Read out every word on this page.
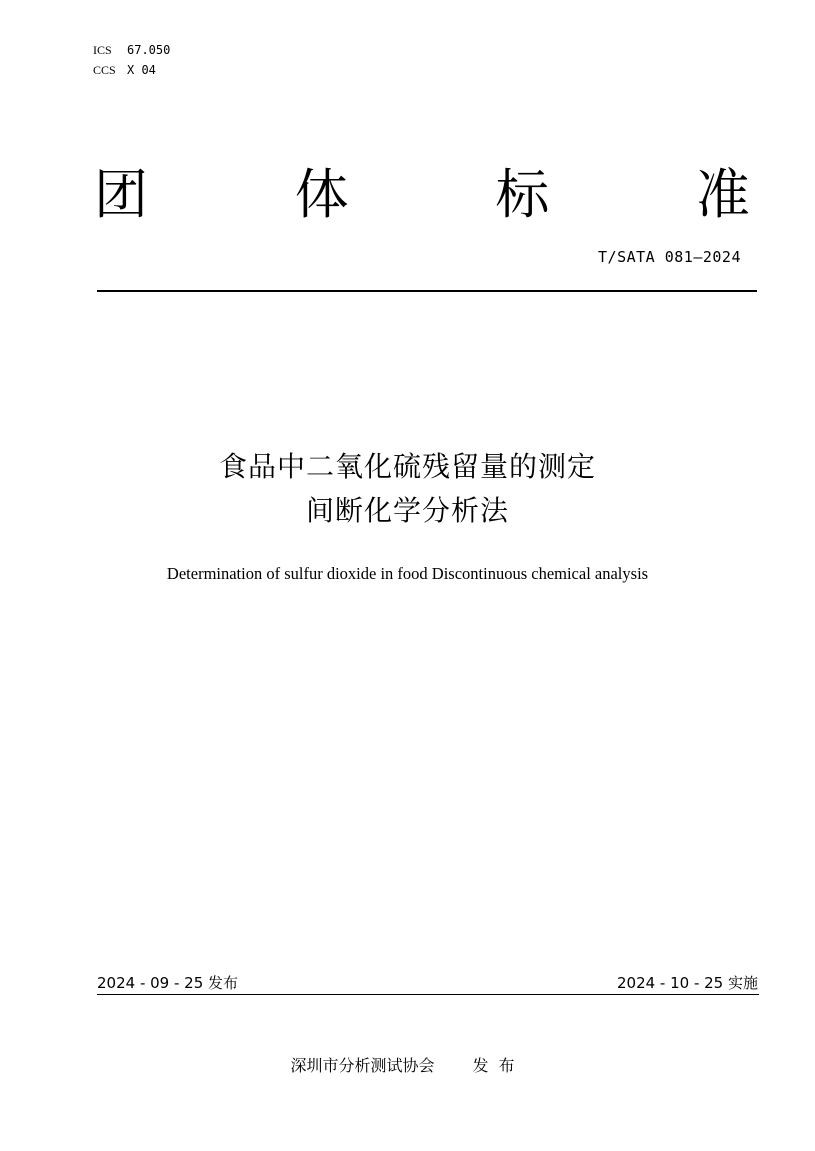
ICS	67.050
CCS X 04
团	体	标	准
T/SATA 081—2024
食品中二氧化硫残留量的测定
间断化学分析法
Determination of sulfur dioxide in food Discontinuous chemical analysis
2024 - 09 - 25 发布	2024 - 10 - 25 实施
深圳市分析测试协会 发布
